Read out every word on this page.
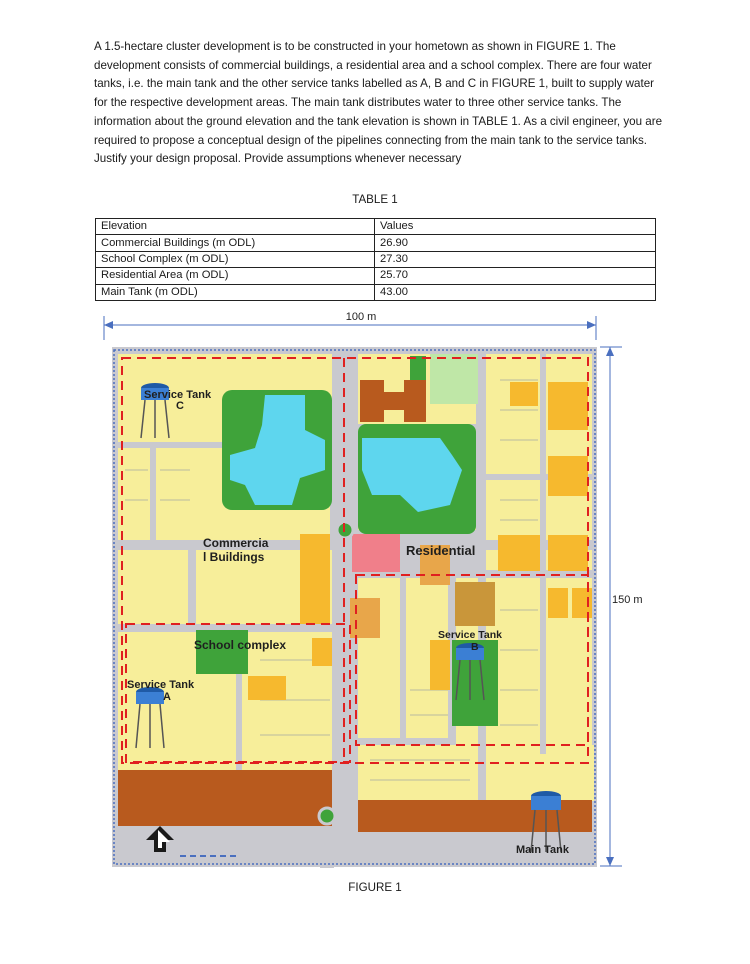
A 1.5-hectare cluster development is to be constructed in your hometown as shown in FIGURE 1. The development consists of commercial buildings, a residential area and a school complex. There are four water tanks, i.e. the main tank and the other service tanks labelled as A, B and C in FIGURE 1, built to supply water for the respective development areas. The main tank distributes water to three other service tanks. The information about the ground elevation and the tank elevation is shown in TABLE 1. As a civil engineer, you are required to propose a conceptual design of the pipelines connecting from the main tank to the service tanks. Justify your design proposal. Provide assumptions whenever necessary

TABLE 1
Elevation	Values
Commercial Buildings (m ODL)	26.90
School Complex (m ODL)	27.30
Residential Area (m ODL)	25.70
Main Tank (m ODL)	43.00
100 m
150 m
Service Tank
C
Commercia
l Buildings	Residential
School complex
Service Tank
B
Service Tank
A
Main Tank
FIGURE 1
